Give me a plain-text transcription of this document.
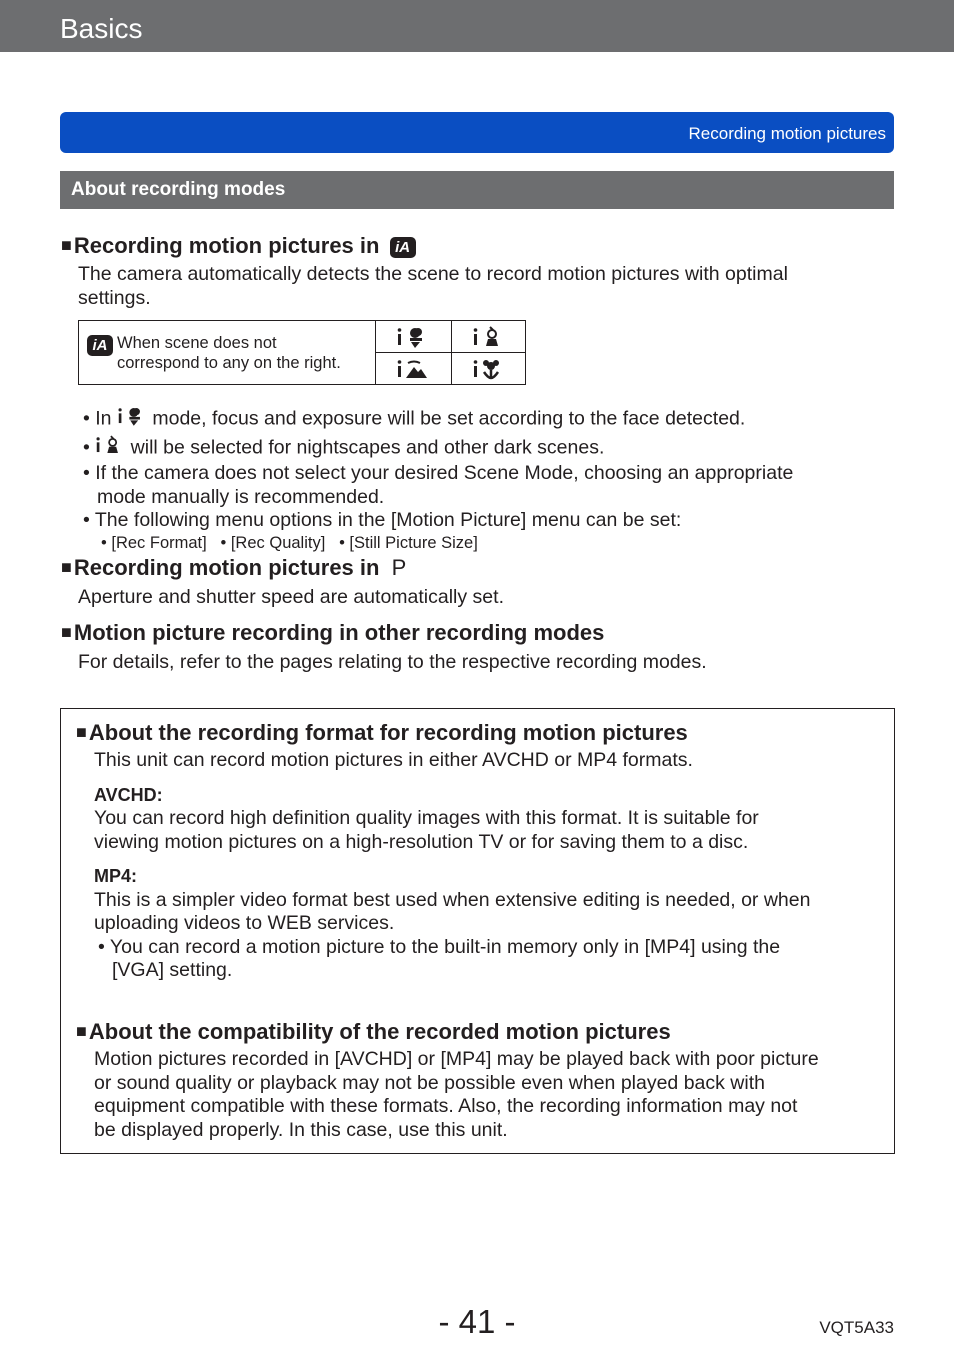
Basics
Recording motion pictures
About recording modes
■Recording motion pictures in iA
The camera automatically detects the scene to record motion pictures with optimal
settings.
iA When scene does not
correspond to any on the right.
• In mode, focus and exposure will be set according to the face detected.
• will be selected for nightscapes and other dark scenes.
• If the camera does not select your desired Scene Mode, choosing an appropriate
mode manually is recommended.
• The following menu options in the [Motion Picture] menu can be set:
• [Rec Format] • [Rec Quality] • [Still Picture Size]
■Recording motion pictures in P
Aperture and shutter speed are automatically set.
■Motion picture recording in other recording modes
For details, refer to the pages relating to the respective recording modes.
■About the recording format for recording motion pictures
This unit can record motion pictures in either AVCHD or MP4 formats.
AVCHD:
You can record high definition quality images with this format. It is suitable for
viewing motion pictures on a high-resolution TV or for saving them to a disc.
MP4:
This is a simpler video format best used when extensive editing is needed, or when
uploading videos to WEB services.
• You can record a motion picture to the built-in memory only in [MP4] using the
[VGA] setting.
■About the compatibility of the recorded motion pictures
Motion pictures recorded in [AVCHD] or [MP4] may be played back with poor picture
or sound quality or playback may not be possible even when played back with
equipment compatible with these formats. Also, the recording information may not
be displayed properly. In this case, use this unit.
- 41 -	VQT5A33
